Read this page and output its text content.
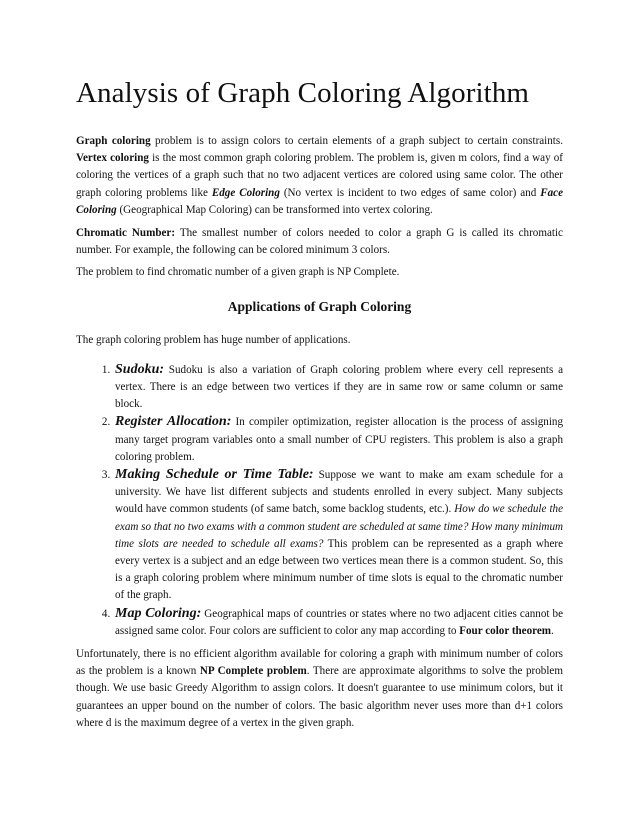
Analysis of Graph Coloring Algorithm

Graph coloring problem is to assign colors to certain elements of a graph subject to certain constraints. Vertex coloring is the most common graph coloring problem. The problem is, given m colors, find a way of coloring the vertices of a graph such that no two adjacent vertices are colored using same color. The other graph coloring problems like Edge Coloring (No vertex is incident to two edges of same color) and Face Coloring (Geographical Map Coloring) can be transformed into vertex coloring.

Chromatic Number: The smallest number of colors needed to color a graph G is called its chromatic number. For example, the following can be colored minimum 3 colors.

The problem to find chromatic number of a given graph is NP Complete.

Applications of Graph Coloring

The graph coloring problem has huge number of applications.

1. Sudoku: Sudoku is also a variation of Graph coloring problem where every cell represents a vertex. There is an edge between two vertices if they are in same row or same column or same block.
2. Register Allocation: In compiler optimization, register allocation is the process of assigning many target program variables onto a small number of CPU registers. This problem is also a graph coloring problem.
3. Making Schedule or Time Table: Suppose we want to make am exam schedule for a university. We have list different subjects and students enrolled in every subject. Many subjects would have common students (of same batch, some backlog students, etc.). How do we schedule the exam so that no two exams with a common student are scheduled at same time? How many minimum time slots are needed to schedule all exams? This problem can be represented as a graph where every vertex is a subject and an edge between two vertices mean there is a common student. So, this is a graph coloring problem where minimum number of time slots is equal to the chromatic number of the graph.
4. Map Coloring: Geographical maps of countries or states where no two adjacent cities cannot be assigned same color. Four colors are sufficient to color any map according to Four color theorem.

Unfortunately, there is no efficient algorithm available for coloring a graph with minimum number of colors as the problem is a known NP Complete problem. There are approximate algorithms to solve the problem though. We use basic Greedy Algorithm to assign colors. It doesn't guarantee to use minimum colors, but it guarantees an upper bound on the number of colors. The basic algorithm never uses more than d+1 colors where d is the maximum degree of a vertex in the given graph.
